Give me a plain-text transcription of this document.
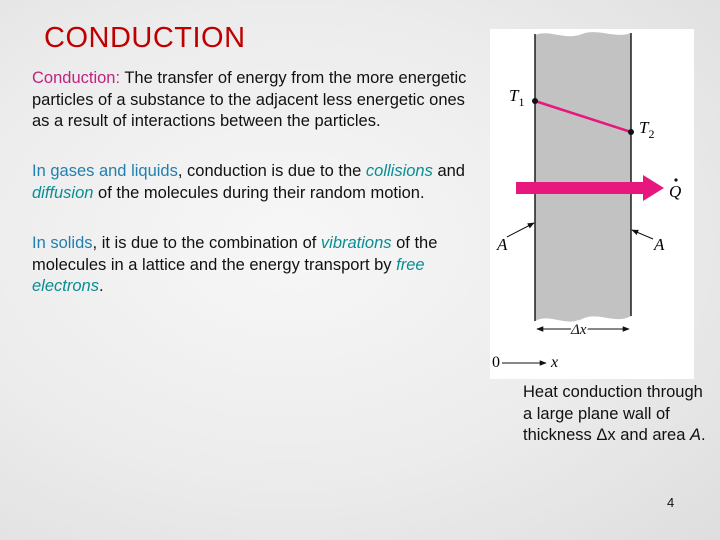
CONDUCTION
Conduction: The transfer of energy from the more energetic particles of a substance to the adjacent less energetic ones as a result of interactions between the particles.
In gases and liquids, conduction is due to the collisions and diffusion of the molecules during their random motion.
In solids, it is due to the combination of vibrations of the molecules in a lattice and the energy transport by free electrons.
$T_1$
$T_2$
Q
A	A
Δx
0	x
Heat conduction through a large plane wall of thickness Δx and area A.
4
